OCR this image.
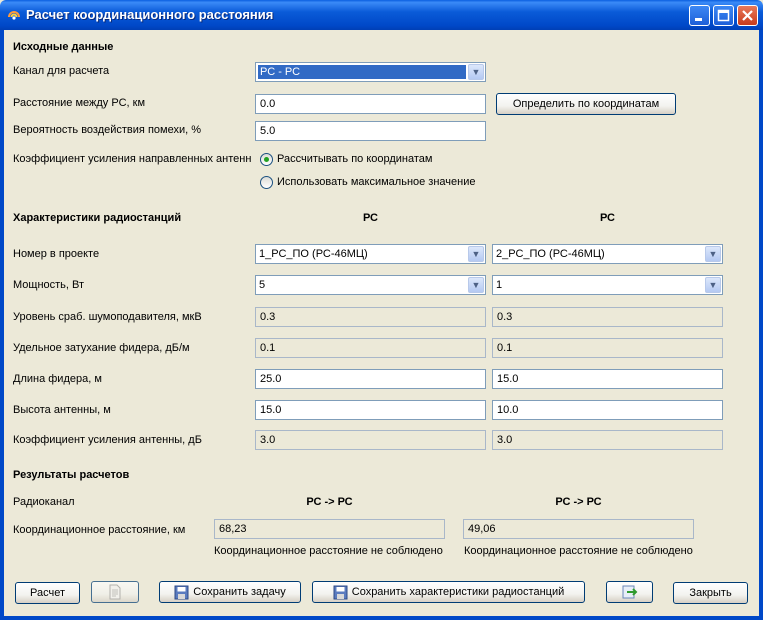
Расчет координационного расстояния
Исходные данные
Канал для расчета	РС - РС	▼
Расстояние между РС, км	0.0	Определить по координатам
Вероятность воздействия помехи, %	5.0
Коэффициент усиления направленных антенн Рассчитывать по координатам
Использовать максимальное значение
Характеристики радиостанций	РС	РС
Номер в проекте	1_РС_ПО (РС-46МЦ)	▼	2_РС_ПО (РС-46МЦ)	▼
Мощность, Вт	5	▼	1	▼
Уровень сраб. шумоподавителя, мкВ	0.3	0.3
Удельное затухание фидера, дБ/м	0.1	0.1
Длина фидера, м	25.0	15.0
Высота антенны, м	15.0	10.0
Коэффициент усиления антенны, дБ	3.0	3.0
Результаты расчетов
Радиоканал	РС -> РС	РС -> РС
Координационное расстояние, км	68,23	49,06
Координационное расстояние не соблюдено Координационное расстояние не соблюдено
Расчет	Сохранить задачу	Сохранить характеристики радиостанций	Закрыть
